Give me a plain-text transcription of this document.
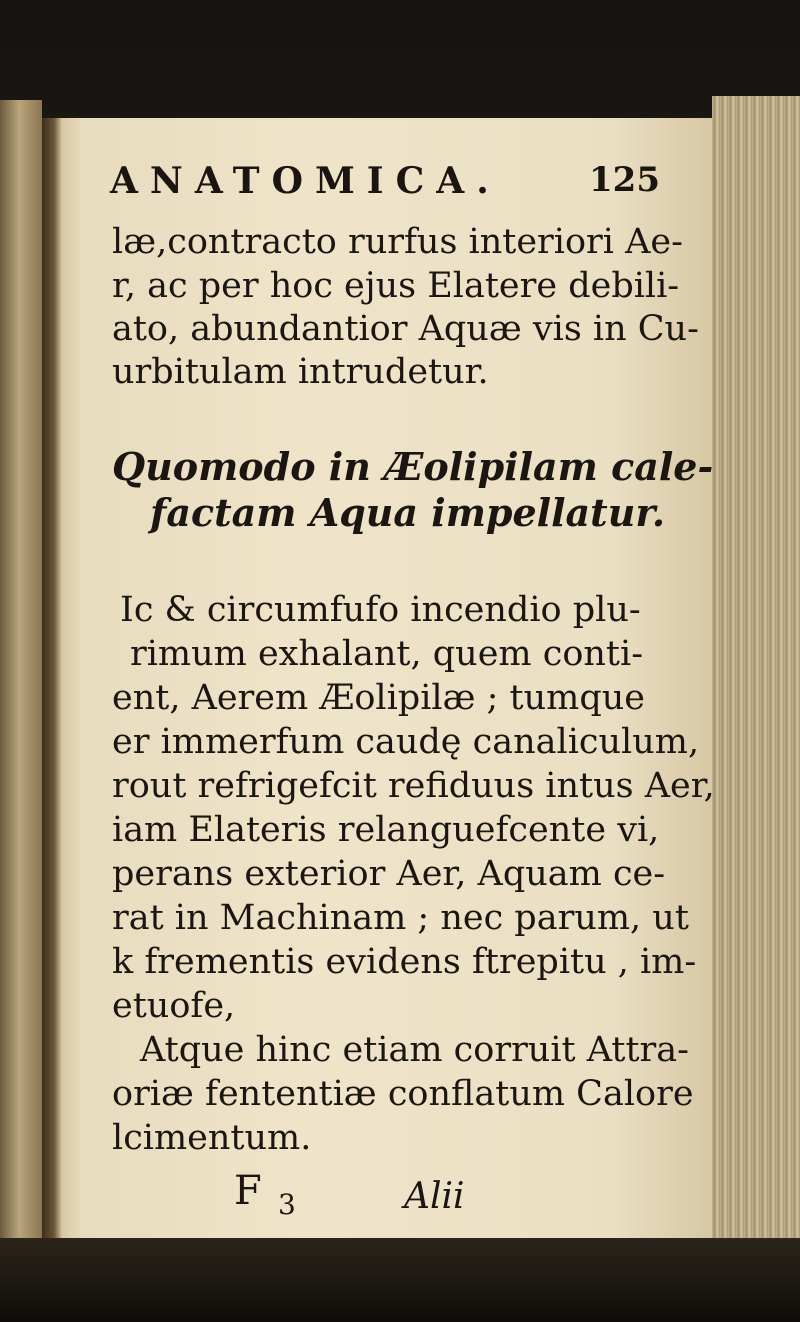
ANATOMICA.	125
læ,contracto rurfus interiori Ae-
r, ac per hoc ejus Elatere debili-
ato, abundantior Aquæ vis in Cu-
urbitulam intrudetur.
Quomodo in Æolipilam cale-
factam Aqua impellatur.
Ic & circumfufo incendio plu-
rimum exhalant, quem conti-
ent, Aerem Æolipilæ ; tumque
er immerfum caudę canaliculum,
rout refrigefcit refiduus intus Aer,
iam Elateris relanguefcente vi,
perans exterior Aer, Aquam ce-
rat in Machinam ; nec parum, ut
k frementis evidens ftrepitu , im-
etuofe,
Atque hinc etiam corruit Attra-
oriæ fententiæ conflatum Calore
lcimentum.
F 3	Alii
